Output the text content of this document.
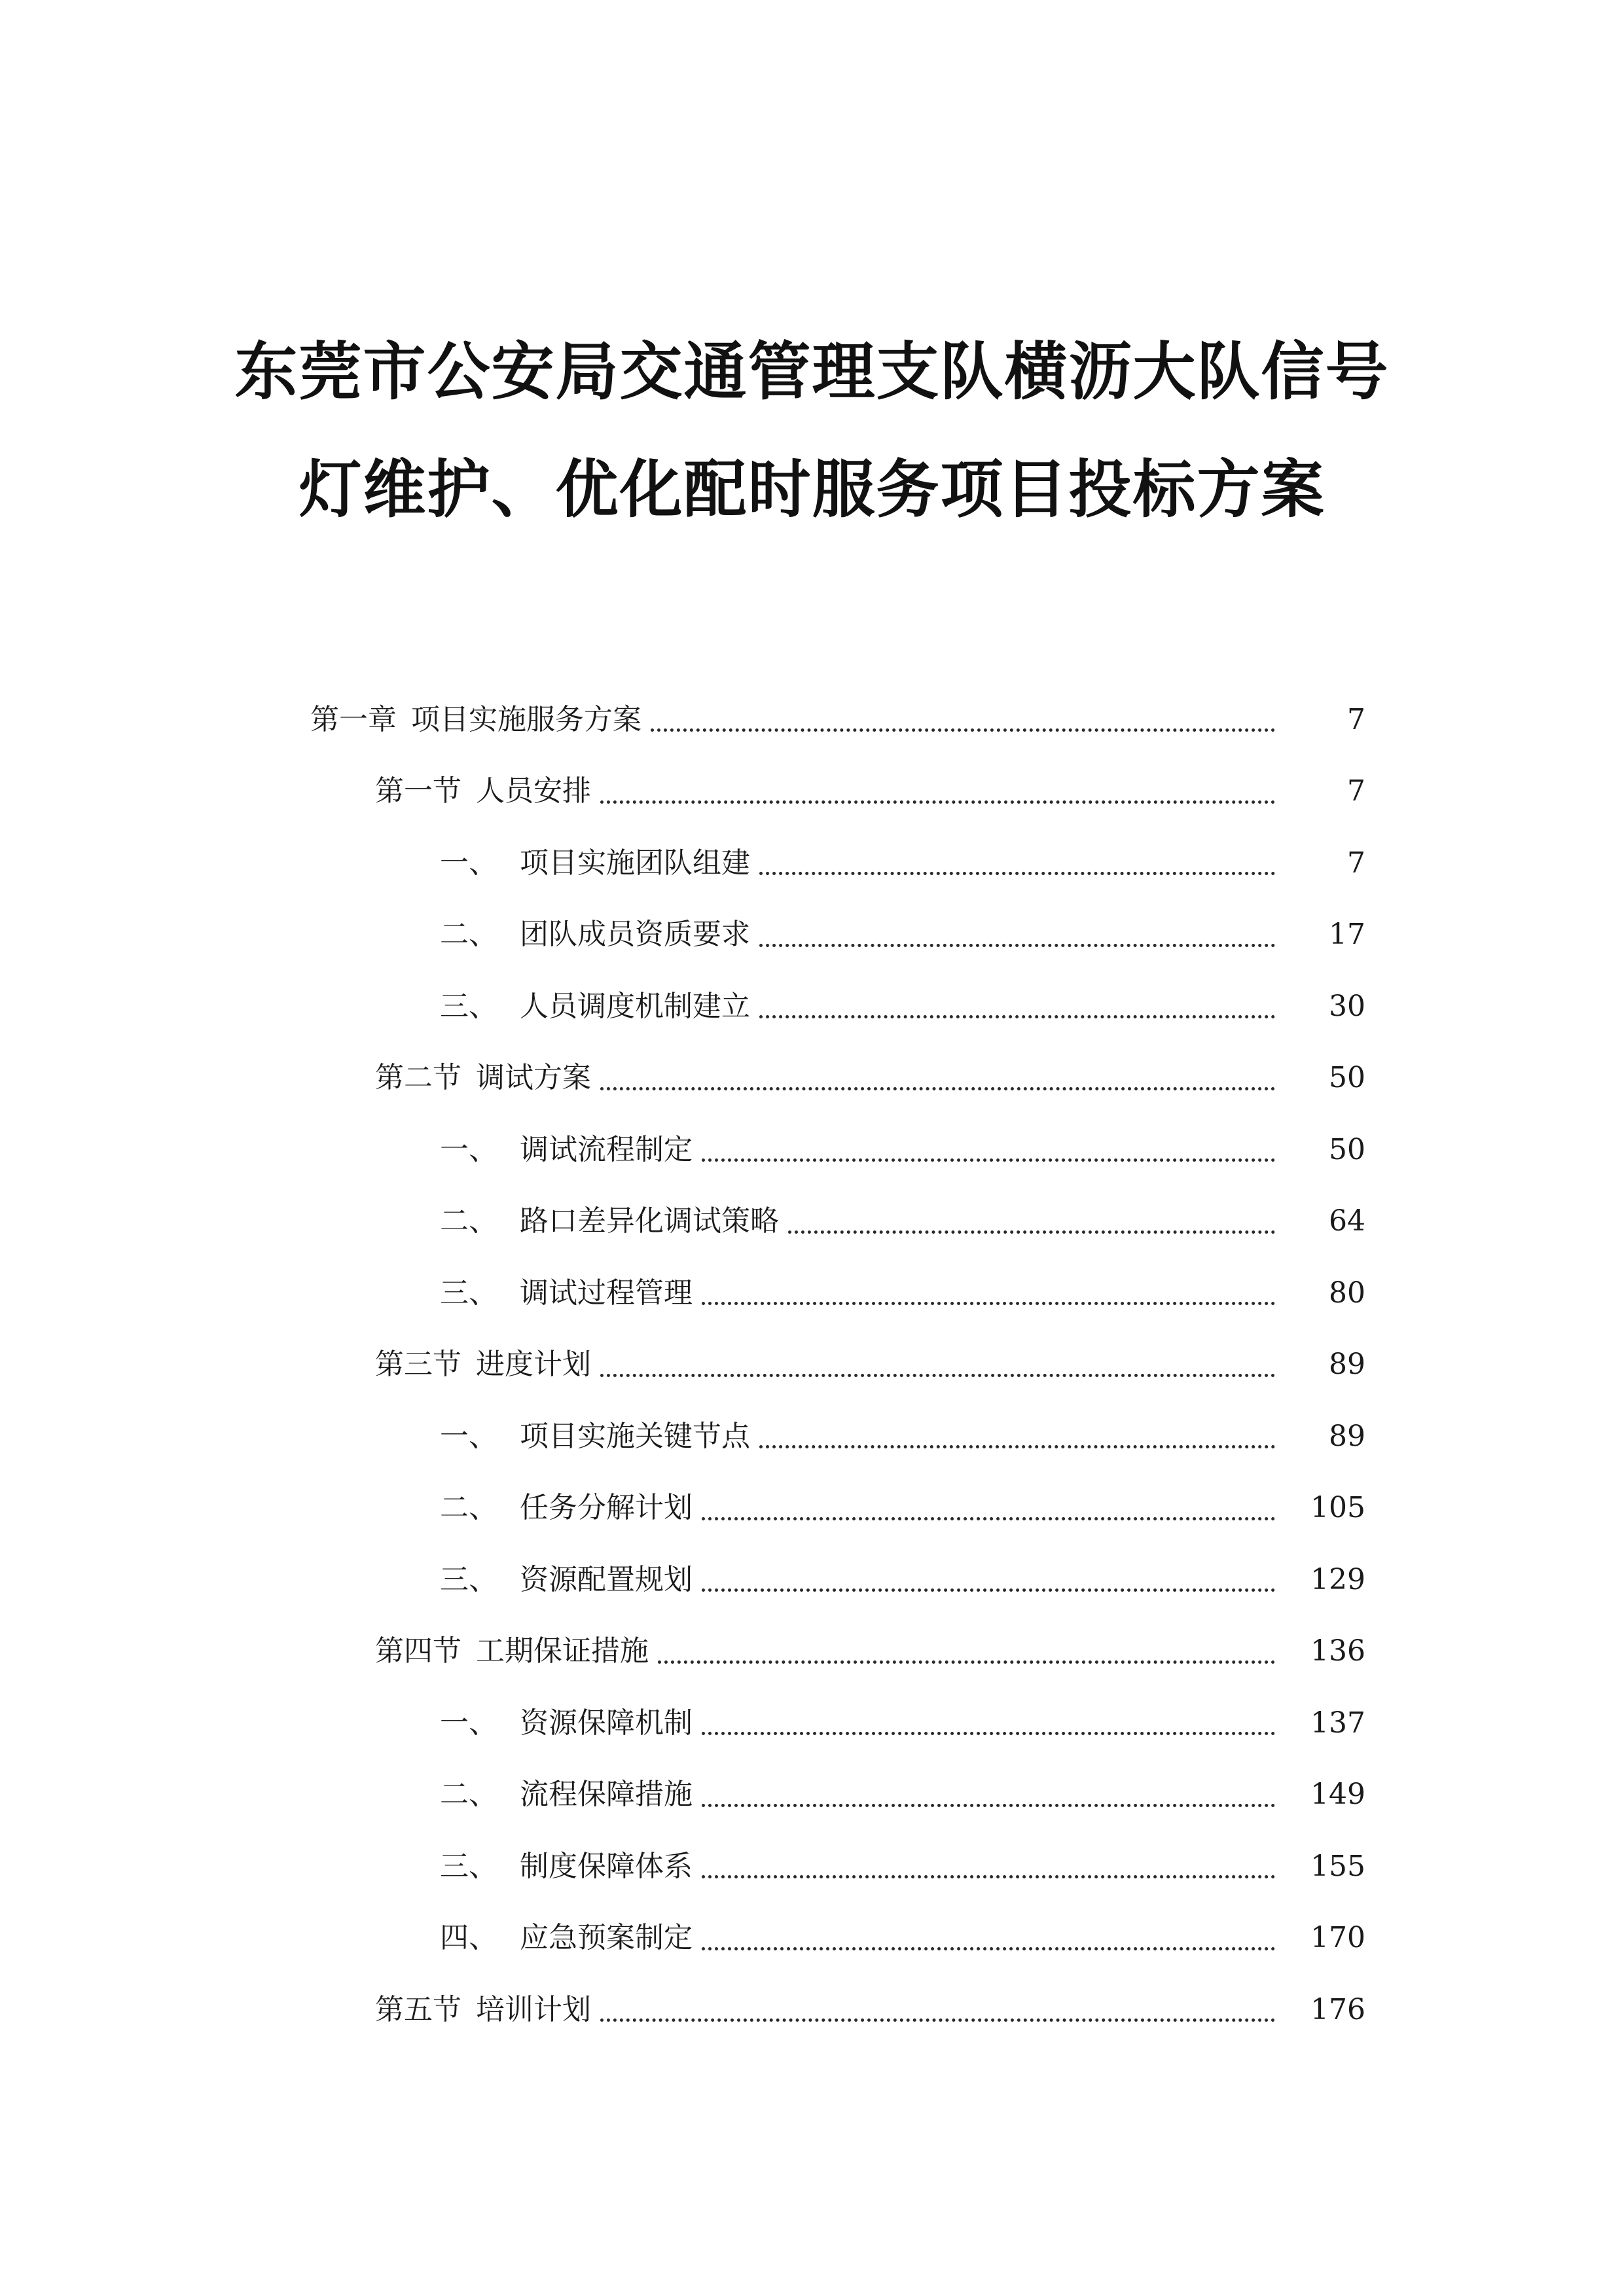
东莞市公安局交通管理支队横沥大队信号
灯维护、优化配时服务项目投标方案
第一章 项目实施服务方案	7
第一节 人员安排	7
一、 项目实施团队组建	7
二、 团队成员资质要求	17
三、 人员调度机制建立	30
第二节 调试方案	50
一、 调试流程制定	50
二、 路口差异化调试策略	64
三、 调试过程管理	80
第三节 进度计划	89
一、 项目实施关键节点	89
二、 任务分解计划	105
三、 资源配置规划	129
第四节 工期保证措施	136
一、 资源保障机制	137
二、 流程保障措施	149
三、 制度保障体系	155
四、 应急预案制定	170
第五节 培训计划	176
